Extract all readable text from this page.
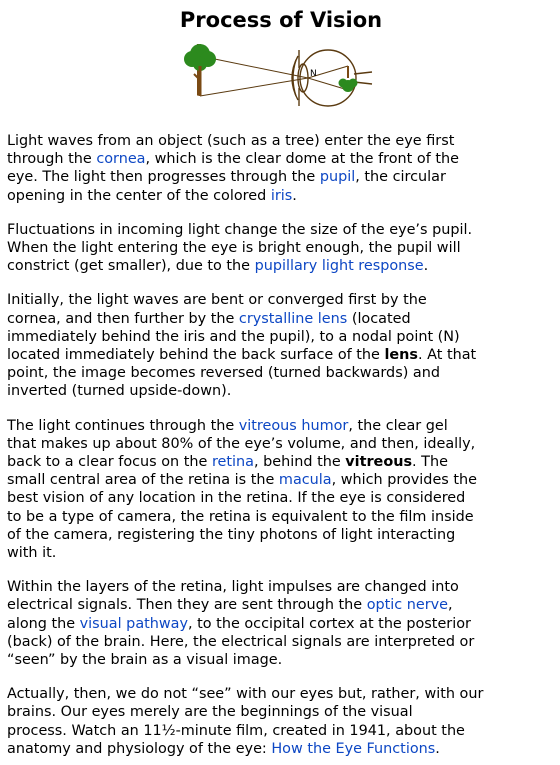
Process of Vision
N

Light waves from an object (such as a tree) enter the eye first
through the cornea, which is the clear dome at the front of the
eye. The light then progresses through the pupil, the circular
opening in the center of the colored iris.

Fluctuations in incoming light change the size of the eye’s pupil.
When the light entering the eye is bright enough, the pupil will
constrict (get smaller), due to the pupillary light response.

Initially, the light waves are bent or converged first by the
cornea, and then further by the crystalline lens (located
immediately behind the iris and the pupil), to a nodal point (N)
located immediately behind the back surface of the lens. At that
point, the image becomes reversed (turned backwards) and
inverted (turned upside-down).

The light continues through the vitreous humor, the clear gel
that makes up about 80% of the eye’s volume, and then, ideally,
back to a clear focus on the retina, behind the vitreous. The
small central area of the retina is the macula, which provides the
best vision of any location in the retina. If the eye is considered
to be a type of camera, the retina is equivalent to the film inside
of the camera, registering the tiny photons of light interacting
with it.

Within the layers of the retina, light impulses are changed into
electrical signals. Then they are sent through the optic nerve,
along the visual pathway, to the occipital cortex at the posterior
(back) of the brain. Here, the electrical signals are interpreted or
“seen” by the brain as a visual image.

Actually, then, we do not “see” with our eyes but, rather, with our
brains. Our eyes merely are the beginnings of the visual
process. Watch an 11½-minute film, created in 1941, about the
anatomy and physiology of the eye: How the Eye Functions.
